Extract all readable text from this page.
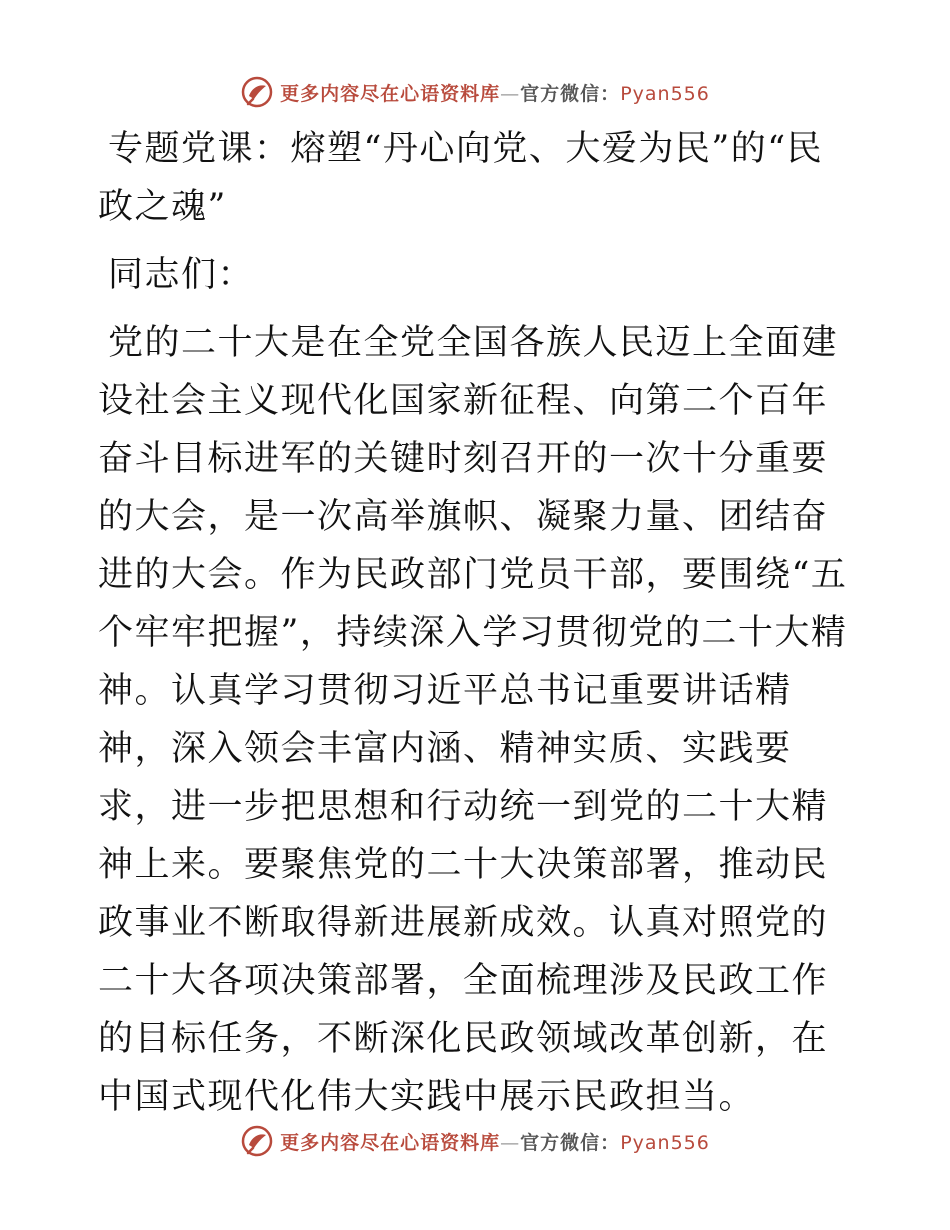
更多内容尽在心语资料库—官方微信：Pyan556

专题党课：熔塑“丹心向党、大爱为民”的“民政之魂”

同志们：

党的二十大是在全党全国各族人民迈上全面建设社会主义现代化国家新征程、向第二个百年奋斗目标进军的关键时刻召开的一次十分重要的大会，是一次高举旗帜、凝聚力量、团结奋进的大会。作为民政部门党员干部，要围绕“五个牢牢把握”，持续深入学习贯彻党的二十大精神。认真学习贯彻习近平总书记重要讲话精神，深入领会丰富内涵、精神实质、实践要求，进一步把思想和行动统一到党的二十大精神上来。要聚焦党的二十大决策部署，推动民政事业不断取得新进展新成效。认真对照党的二十大各项决策部署，全面梳理涉及民政工作的目标任务，不断深化民政领域改革创新，在中国式现代化伟大实践中展示民政担当。

更多内容尽在心语资料库—官方微信：Pyan556
